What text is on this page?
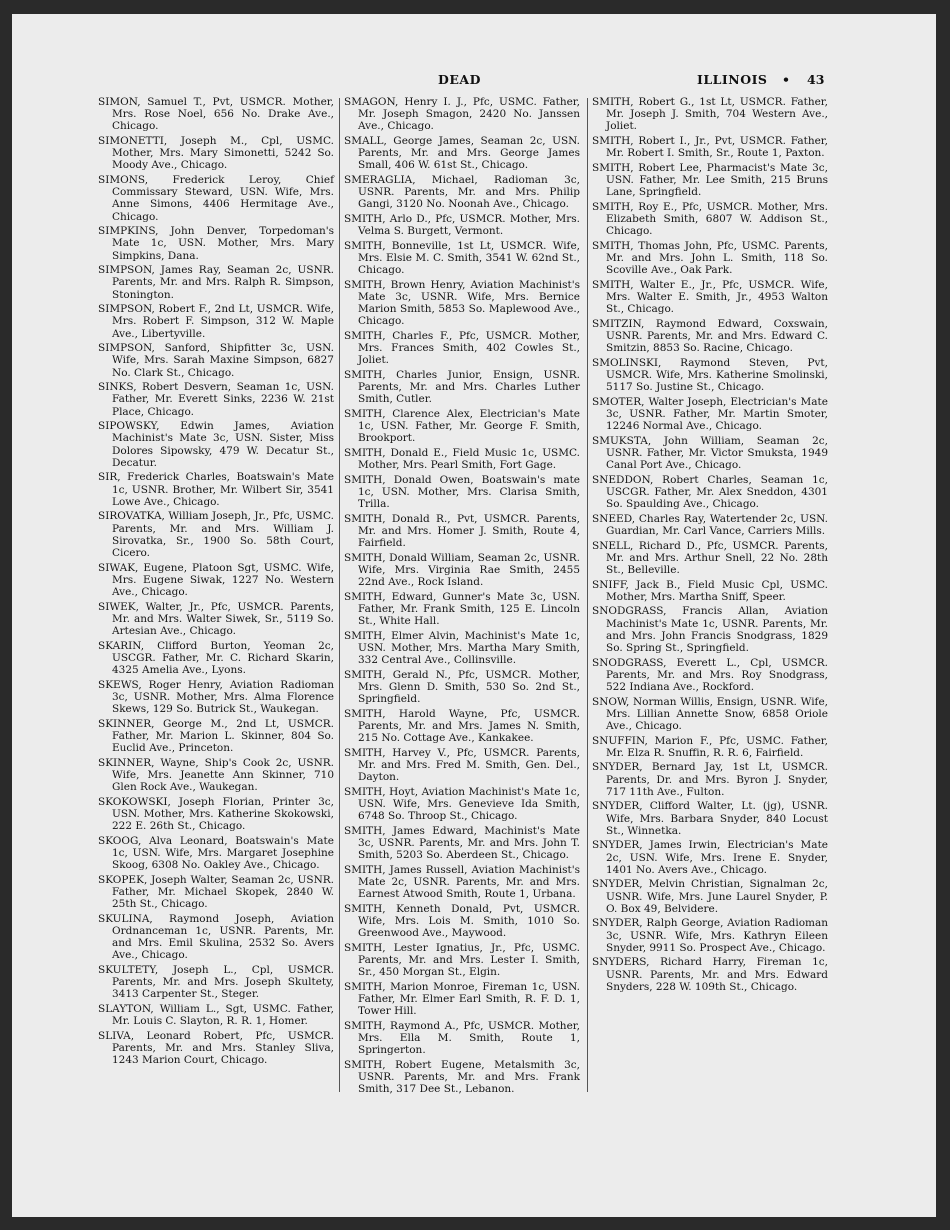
DEAD	ILLINOIS • 43

SIMON, Samuel T., Pvt, USMCR. Mother, Mrs. Rose Noel, 656 No. Drake Ave., Chicago.

SIMONETTI, Joseph M., Cpl, USMC. Mother, Mrs. Mary Simonetti, 5242 So. Moody Ave., Chicago.

SIMONS, Frederick Leroy, Chief Commissary Steward, USN. Wife, Mrs. Anne Simons, 4406 Hermitage Ave., Chicago.

SIMPKINS, John Denver, Torpedoman's Mate 1c, USN. Mother, Mrs. Mary Simpkins, Dana.

SIMPSON, James Ray, Seaman 2c, USNR. Parents, Mr. and Mrs. Ralph R. Simpson, Stonington.

SIMPSON, Robert F., 2nd Lt, USMCR. Wife, Mrs. Robert F. Simpson, 312 W. Maple Ave., Libertyville.

SIMPSON, Sanford, Shipfitter 3c, USN. Wife, Mrs. Sarah Maxine Simpson, 6827 No. Clark St., Chicago.

SINKS, Robert Desvern, Seaman 1c, USN. Father, Mr. Everett Sinks, 2236 W. 21st Place, Chicago.

SIPOWSKY, Edwin James, Aviation Machinist's Mate 3c, USN. Sister, Miss Dolores Sipowsky, 479 W. Decatur St., Decatur.

SIR, Frederick Charles, Boatswain's Mate 1c, USNR. Brother, Mr. Wilbert Sir, 3541 Lowe Ave., Chicago.

SIROVATKA, William Joseph, Jr., Pfc, USMC. Parents, Mr. and Mrs. William J. Sirovatka, Sr., 1900 So. 58th Court, Cicero.

SIWAK, Eugene, Platoon Sgt, USMC. Wife, Mrs. Eugene Siwak, 1227 No. Western Ave., Chicago.

SIWEK, Walter, Jr., Pfc, USMCR. Parents, Mr. and Mrs. Walter Siwek, Sr., 5119 So. Artesian Ave., Chicago.

SKARIN, Clifford Burton, Yeoman 2c, USCGR. Father, Mr. C. Richard Skarin, 4325 Amelia Ave., Lyons.

SKEWS, Roger Henry, Aviation Radioman 3c, USNR. Mother, Mrs. Alma Florence Skews, 129 So. Butrick St., Waukegan.

SKINNER, George M., 2nd Lt, USMCR. Father, Mr. Marion L. Skinner, 804 So. Euclid Ave., Princeton.

SKINNER, Wayne, Ship's Cook 2c, USNR. Wife, Mrs. Jeanette Ann Skinner, 710 Glen Rock Ave., Waukegan.

SKOKOWSKI, Joseph Florian, Printer 3c, USN. Mother, Mrs. Katherine Skokowski, 222 E. 26th St., Chicago.

SKOOG, Alva Leonard, Boatswain's Mate 1c, USN. Wife, Mrs. Margaret Josephine Skoog, 6308 No. Oakley Ave., Chicago.

SKOPEK, Joseph Walter, Seaman 2c, USNR. Father, Mr. Michael Skopek, 2840 W. 25th St., Chicago.

SKULINA, Raymond Joseph, Aviation Ordnanceman 1c, USNR. Parents, Mr. and Mrs. Emil Skulina, 2532 So. Avers Ave., Chicago.

SKULTETY, Joseph L., Cpl, USMCR. Parents, Mr. and Mrs. Joseph Skultety, 3413 Carpenter St., Steger.

SLAYTON, William L., Sgt, USMC. Father, Mr. Louis C. Slayton, R. R. 1, Homer.

SLIVA, Leonard Robert, Pfc, USMCR. Parents, Mr. and Mrs. Stanley Sliva, 1243 Marion Court, Chicago.

SMAGON, Henry I. J., Pfc, USMC. Father, Mr. Joseph Smagon, 2420 No. Janssen Ave., Chicago.

SMALL, George James, Seaman 2c, USN. Parents, Mr. and Mrs. George James Small, 406 W. 61st St., Chicago.

SMERAGLIA, Michael, Radioman 3c, USNR. Parents, Mr. and Mrs. Philip Gangi, 3120 No. Noonah Ave., Chicago.

SMITH, Arlo D., Pfc, USMCR. Mother, Mrs. Velma S. Burgett, Vermont.

SMITH, Bonneville, 1st Lt, USMCR. Wife, Mrs. Elsie M. C. Smith, 3541 W. 62nd St., Chicago.

SMITH, Brown Henry, Aviation Machinist's Mate 3c, USNR. Wife, Mrs. Bernice Marion Smith, 5853 So. Maplewood Ave., Chicago.

SMITH, Charles F., Pfc, USMCR. Mother, Mrs. Frances Smith, 402 Cowles St., Joliet.

SMITH, Charles Junior, Ensign, USNR. Parents, Mr. and Mrs. Charles Luther Smith, Cutler.

SMITH, Clarence Alex, Electrician's Mate 1c, USN. Father, Mr. George F. Smith, Brookport.

SMITH, Donald E., Field Music 1c, USMC. Mother, Mrs. Pearl Smith, Fort Gage.

SMITH, Donald Owen, Boatswain's mate 1c, USN. Mother, Mrs. Clarisa Smith, Trilla.

SMITH, Donald R., Pvt, USMCR. Parents, Mr. and Mrs. Homer J. Smith, Route 4, Fairfield.

SMITH, Donald William, Seaman 2c, USNR. Wife, Mrs. Virginia Rae Smith, 2455 22nd Ave., Rock Island.

SMITH, Edward, Gunner's Mate 3c, USN. Father, Mr. Frank Smith, 125 E. Lincoln St., White Hall.

SMITH, Elmer Alvin, Machinist's Mate 1c, USN. Mother, Mrs. Martha Mary Smith, 332 Central Ave., Collinsville.

SMITH, Gerald N., Pfc, USMCR. Mother, Mrs. Glenn D. Smith, 530 So. 2nd St., Springfield.

SMITH, Harold Wayne, Pfc, USMCR. Parents, Mr. and Mrs. James N. Smith, 215 No. Cottage Ave., Kankakee.

SMITH, Harvey V., Pfc, USMCR. Parents, Mr. and Mrs. Fred M. Smith, Gen. Del., Dayton.

SMITH, Hoyt, Aviation Machinist's Mate 1c, USN. Wife, Mrs. Genevieve Ida Smith, 6748 So. Throop St., Chicago.

SMITH, James Edward, Machinist's Mate 3c, USNR. Parents, Mr. and Mrs. John T. Smith, 5203 So. Aberdeen St., Chicago.

SMITH, James Russell, Aviation Machinist's Mate 2c, USNR. Parents, Mr. and Mrs. Earnest Atwood Smith, Route 1, Urbana.

SMITH, Kenneth Donald, Pvt, USMCR. Wife, Mrs. Lois M. Smith, 1010 So. Greenwood Ave., Maywood.

SMITH, Lester Ignatius, Jr., Pfc, USMC. Parents, Mr. and Mrs. Lester I. Smith, Sr., 450 Morgan St., Elgin.

SMITH, Marion Monroe, Fireman 1c, USN. Father, Mr. Elmer Earl Smith, R. F. D. 1, Tower Hill.

SMITH, Raymond A., Pfc, USMCR. Mother, Mrs. Ella M. Smith, Route 1, Springerton.

SMITH, Robert Eugene, Metalsmith 3c, USNR. Parents, Mr. and Mrs. Frank Smith, 317 Dee St., Lebanon.

SMITH, Robert G., 1st Lt, USMCR. Father, Mr. Joseph J. Smith, 704 Western Ave., Joliet.

SMITH, Robert I., Jr., Pvt, USMCR. Father, Mr. Robert I. Smith, Sr., Route 1, Paxton.

SMITH, Robert Lee, Pharmacist's Mate 3c, USN. Father, Mr. Lee Smith, 215 Bruns Lane, Springfield.

SMITH, Roy E., Pfc, USMCR. Mother, Mrs. Elizabeth Smith, 6807 W. Addison St., Chicago.

SMITH, Thomas John, Pfc, USMC. Parents, Mr. and Mrs. John L. Smith, 118 So. Scoville Ave., Oak Park.

SMITH, Walter E., Jr., Pfc, USMCR. Wife, Mrs. Walter E. Smith, Jr., 4953 Walton St., Chicago.

SMITZIN, Raymond Edward, Coxswain, USNR. Parents, Mr. and Mrs. Edward C. Smitzin, 8853 So. Racine, Chicago.

SMOLINSKI, Raymond Steven, Pvt, USMCR. Wife, Mrs. Katherine Smolinski, 5117 So. Justine St., Chicago.

SMOTER, Walter Joseph, Electrician's Mate 3c, USNR. Father, Mr. Martin Smoter, 12246 Normal Ave., Chicago.

SMUKSTA, John William, Seaman 2c, USNR. Father, Mr. Victor Smuksta, 1949 Canal Port Ave., Chicago.

SNEDDON, Robert Charles, Seaman 1c, USCGR. Father, Mr. Alex Sneddon, 4301 So. Spaulding Ave., Chicago.

SNEED, Charles Ray, Watertender 2c, USN. Guardian, Mr. Carl Vance, Carriers Mills.

SNELL, Richard D., Pfc, USMCR. Parents, Mr. and Mrs. Arthur Snell, 22 No. 28th St., Belleville.

SNIFF, Jack B., Field Music Cpl, USMC. Mother, Mrs. Martha Sniff, Speer.

SNODGRASS, Francis Allan, Aviation Machinist's Mate 1c, USNR. Parents, Mr. and Mrs. John Francis Snodgrass, 1829 So. Spring St., Springfield.

SNODGRASS, Everett L., Cpl, USMCR. Parents, Mr. and Mrs. Roy Snodgrass, 522 Indiana Ave., Rockford.

SNOW, Norman Willis, Ensign, USNR. Wife, Mrs. Lillian Annette Snow, 6858 Oriole Ave., Chicago.

SNUFFIN, Marion F., Pfc, USMC. Father, Mr. Elza R. Snuffin, R. R. 6, Fairfield.

SNYDER, Bernard Jay, 1st Lt, USMCR. Parents, Dr. and Mrs. Byron J. Snyder, 717 11th Ave., Fulton.

SNYDER, Clifford Walter, Lt. (jg), USNR. Wife, Mrs. Barbara Snyder, 840 Locust St., Winnetka.

SNYDER, James Irwin, Electrician's Mate 2c, USN. Wife, Mrs. Irene E. Snyder, 1401 No. Avers Ave., Chicago.

SNYDER, Melvin Christian, Signalman 2c, USNR. Wife, Mrs. June Laurel Snyder, P. O. Box 49, Belvidere.

SNYDER, Ralph George, Aviation Radioman 3c, USNR. Wife, Mrs. Kathryn Eileen Snyder, 9911 So. Prospect Ave., Chicago.

SNYDERS, Richard Harry, Fireman 1c, USNR. Parents, Mr. and Mrs. Edward Snyders, 228 W. 109th St., Chicago.
